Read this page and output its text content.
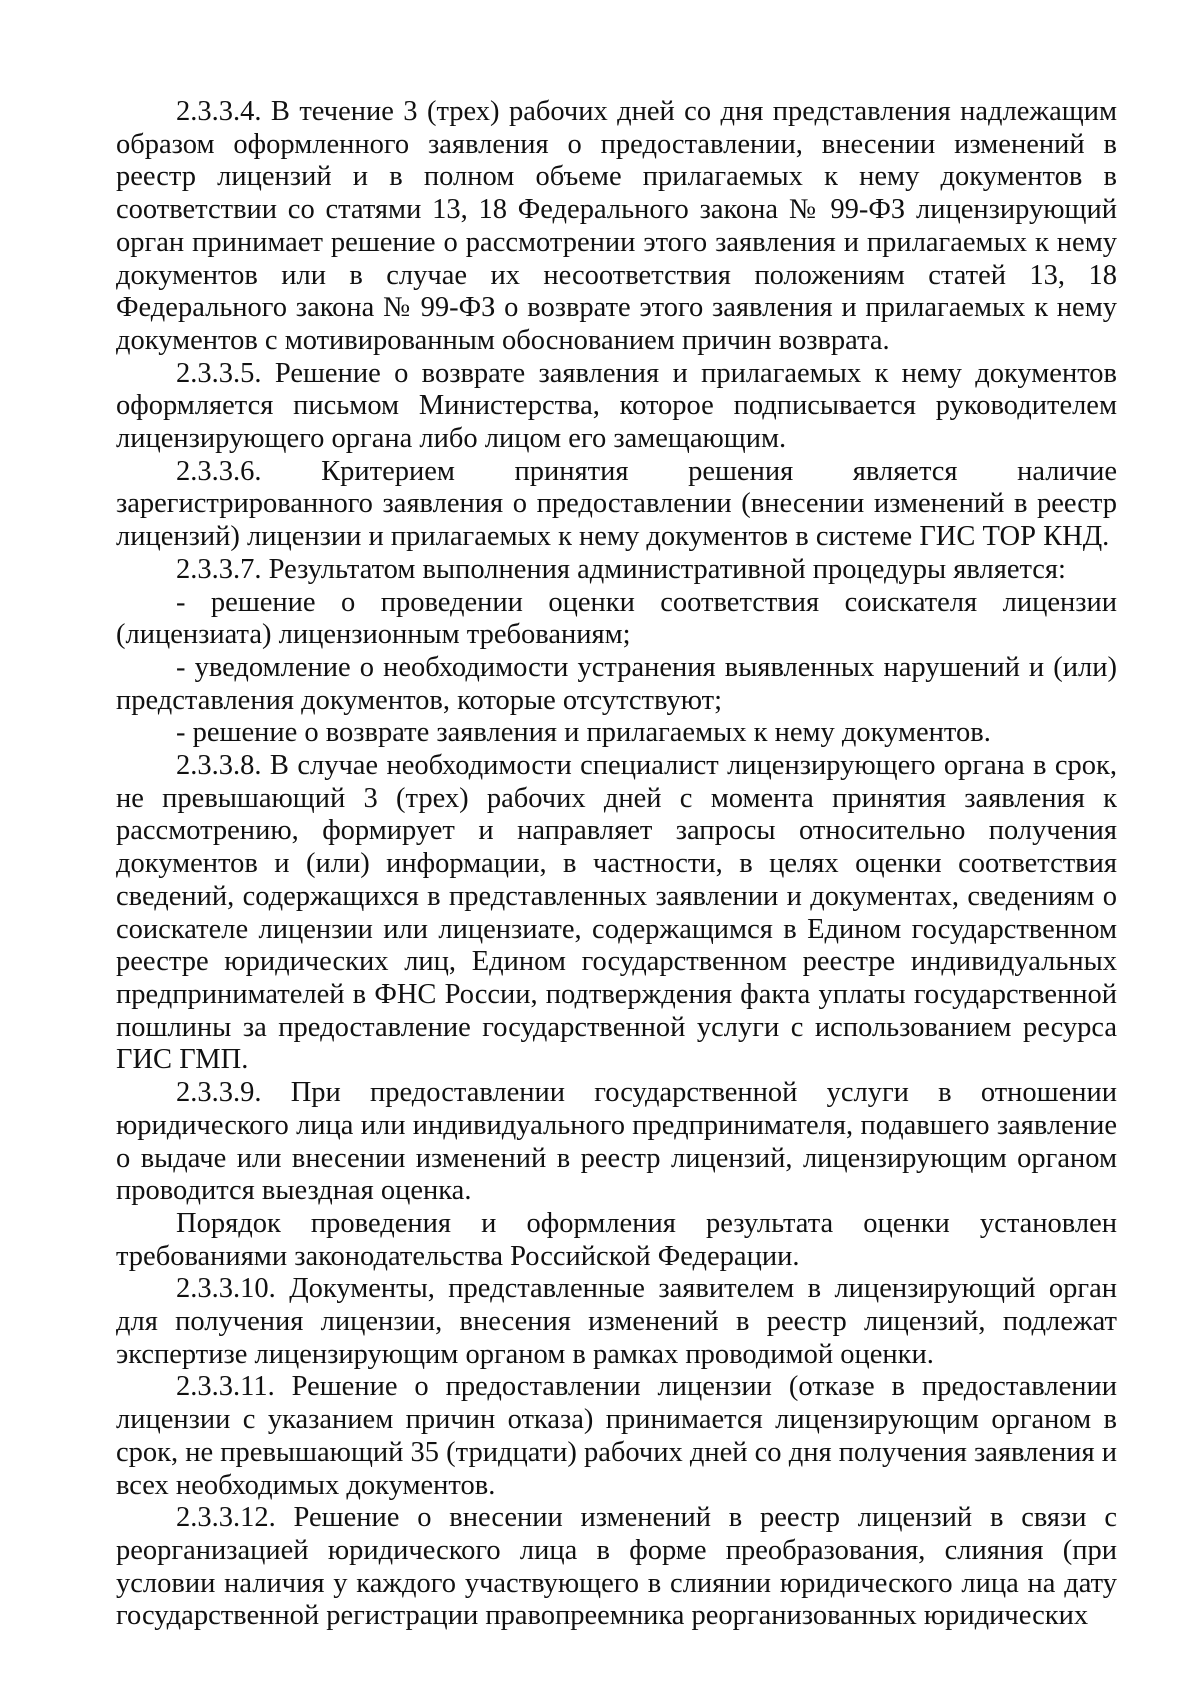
2.3.3.4. В течение 3 (трех) рабочих дней со дня представления надлежащим образом оформленного заявления о предоставлении, внесении изменений в реестр лицензий и в полном объеме прилагаемых к нему документов в соответствии со статями 13, 18 Федерального закона № 99-ФЗ лицензирующий орган принимает решение о рассмотрении этого заявления и прилагаемых к нему документов или в случае их несоответствия положениям статей 13, 18 Федерального закона № 99-ФЗ о возврате этого заявления и прилагаемых к нему документов с мотивированным обоснованием причин возврата.

2.3.3.5. Решение о возврате заявления и прилагаемых к нему документов оформляется письмом Министерства, которое подписывается руководителем лицензирующего органа либо лицом его замещающим.

2.3.3.6. Критерием принятия решения является наличие зарегистрированного заявления о предоставлении (внесении изменений в реестр лицензий) лицензии и прилагаемых к нему документов в системе ГИС ТОР КНД.

2.3.3.7. Результатом выполнения административной процедуры является:

- решение о проведении оценки соответствия соискателя лицензии (лицензиата) лицензионным требованиям;

- уведомление о необходимости устранения выявленных нарушений и (или) представления документов, которые отсутствуют;

- решение о возврате заявления и прилагаемых к нему документов.

2.3.3.8. В случае необходимости специалист лицензирующего органа в срок, не превышающий 3 (трех) рабочих дней с момента принятия заявления к рассмотрению, формирует и направляет запросы относительно получения документов и (или) информации, в частности, в целях оценки соответствия сведений, содержащихся в представленных заявлении и документах, сведениям о соискателе лицензии или лицензиате, содержащимся в Едином государственном реестре юридических лиц, Едином государственном реестре индивидуальных предпринимателей в ФНС России, подтверждения факта уплаты государственной пошлины за предоставление государственной услуги с использованием ресурса ГИС ГМП.

2.3.3.9. При предоставлении государственной услуги в отношении юридического лица или индивидуального предпринимателя, подавшего заявление о выдаче или внесении изменений в реестр лицензий, лицензирующим органом проводится выездная оценка.

Порядок проведения и оформления результата оценки установлен требованиями законодательства Российской Федерации.

2.3.3.10. Документы, представленные заявителем в лицензирующий орган для получения лицензии, внесения изменений в реестр лицензий, подлежат экспертизе лицензирующим органом в рамках проводимой оценки.

2.3.3.11. Решение о предоставлении лицензии (отказе в предоставлении лицензии с указанием причин отказа) принимается лицензирующим органом в срок, не превышающий 35 (тридцати) рабочих дней со дня получения заявления и всех необходимых документов.

2.3.3.12. Решение о внесении изменений в реестр лицензий в связи с реорганизацией юридического лица в форме преобразования, слияния (при условии наличия у каждого участвующего в слиянии юридического лица на дату государственной регистрации правопреемника реорганизованных юридических
